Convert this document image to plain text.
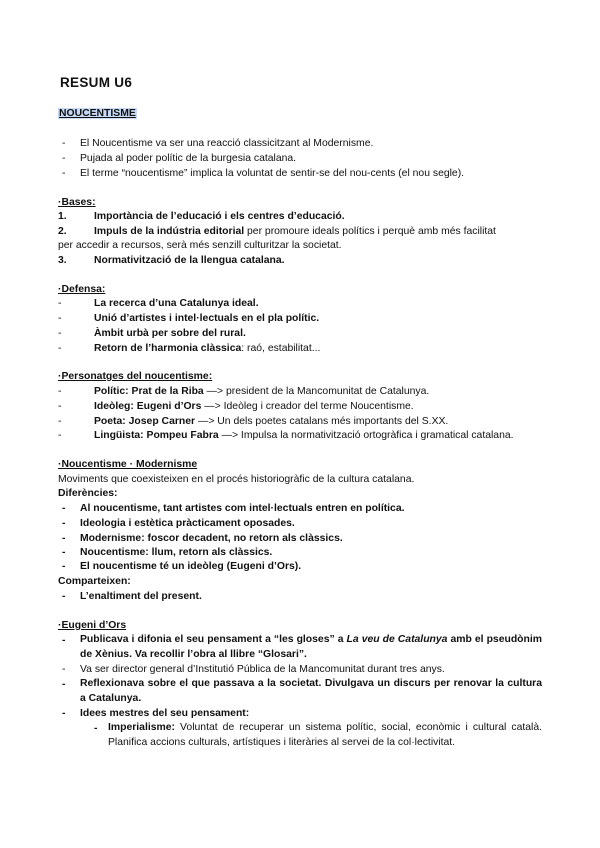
RESUM U6
NOUCENTISME
- El Noucentisme va ser una reacció classicitzant al Modernisme.
- Pujada al poder polític de la burgesia catalana.
- El terme “noucentisme” implica la voluntat de sentir-se del nou-cents (el nou segle).
·Bases:
1.	Importància de l’educació i els centres d’educació.
2.	Impuls de la indústria editorial per promoure ideals polítics i perquè amb més facilitat
per accedir a recursos, serà més senzill culturitzar la societat.
3.	Normativització de la llengua catalana.
·Defensa:
-	La recerca d’una Catalunya ideal.
-	Unió d’artistes i intel·lectuals en el pla polític.
-	Àmbit urbà per sobre del rural.
-	Retorn de l’harmonia clàssica: raó, estabilitat...
·Personatges del noucentisme:
-	Polític: Prat de la Riba —> president de la Mancomunitat de Catalunya.
-	Ideòleg: Eugeni d’Ors —> Ideòleg i creador del terme Noucentisme.
-	Poeta: Josep Carner —> Un dels poetes catalans més importants del S.XX.
-	Lingüista: Pompeu Fabra —> Impulsa la normativització ortogràfica i gramatical catalana.
·Noucentisme · Modernisme
Moviments que coexisteixen en el procés historiogràfic de la cultura catalana.
Diferències:
- Al noucentisme, tant artistes com intel·lectuals entren en política.
- Ideologia i estètica pràcticament oposades.
- Modernisme: foscor decadent, no retorn als clàssics.
- Noucentisme: llum, retorn als clàssics.
- El noucentisme té un ideòleg (Eugeni d’Ors).
Comparteixen:
- L’enaltiment del present.
·Eugeni d’Ors
- Publicava i difonia el seu pensament a “les gloses” a La veu de Catalunya amb el pseudònim de Xènius. Va recollir l’obra al llibre “Glosari”.
- Va ser director general d’Institutió Pública de la Mancomunitat durant tres anys.
- Reflexionava sobre el que passava a la societat. Divulgava un discurs per renovar la cultura a Catalunya.
- Idees mestres del seu pensament:
- Imperialisme: Voluntat de recuperar un sistema polític, social, econòmic i cultural català. Planifica accions culturals, artístiques i literàries al servei de la col·lectivitat.
